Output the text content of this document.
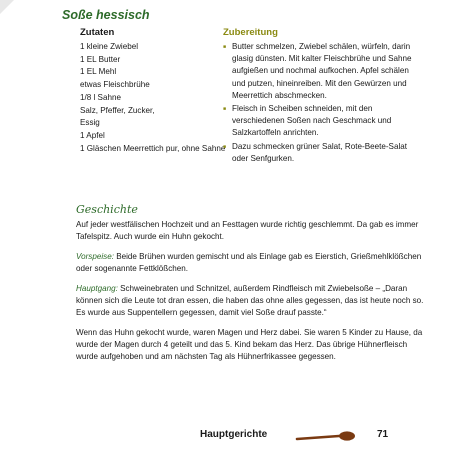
Soße hessisch
Zutaten
1 kleine Zwiebel
1 EL Butter
1 EL Mehl
etwas Fleischbrühe
1/8 l Sahne
Salz, Pfeffer, Zucker,
Essig
1 Apfel
1 Gläschen Meerrettich pur, ohne Sahne
Zubereitung
■ Butter schmelzen, Zwiebel schälen, würfeln, darin glasig dünsten. Mit kalter Fleischbrühe und Sahne aufgießen und nochmal aufkochen. Apfel schälen und putzen, hineinreiben. Mit den Gewürzen und Meerrettich abschmecken.
■ Fleisch in Scheiben schneiden, mit den verschiedenen Soßen nach Geschmack und Salzkartoffeln anrichten.
■ Dazu schmecken grüner Salat, Rote-Beete-Salat oder Senfgurken.
Geschichte

Auf jeder westfälischen Hochzeit und an Festtagen wurde richtig geschlemmt. Da gab es immer Tafelspitz. Auch wurde ein Huhn gekocht.

Vorspeise: Beide Brühen wurden gemischt und als Einlage gab es Eierstich, Grießmehlklößchen oder sogenannte Fettklößchen.

Hauptgang: Schweinebraten und Schnitzel, außerdem Rindfleisch mit Zwiebelsoße – „Daran können sich die Leute tot dran essen, die haben das ohne alles gegessen, das ist heute noch so. Es wurde aus Suppentellern gegessen, damit viel Soße drauf passte.“

Wenn das Huhn gekocht wurde, waren Magen und Herz dabei. Sie waren 5 Kinder zu Hause, da wurde der Magen durch 4 geteilt und das 5. Kind bekam das Herz. Das übrige Hühnerfleisch wurde aufgehoben und am nächsten Tag als Hühnerfrikassee gegessen.

Hauptgerichte	71
